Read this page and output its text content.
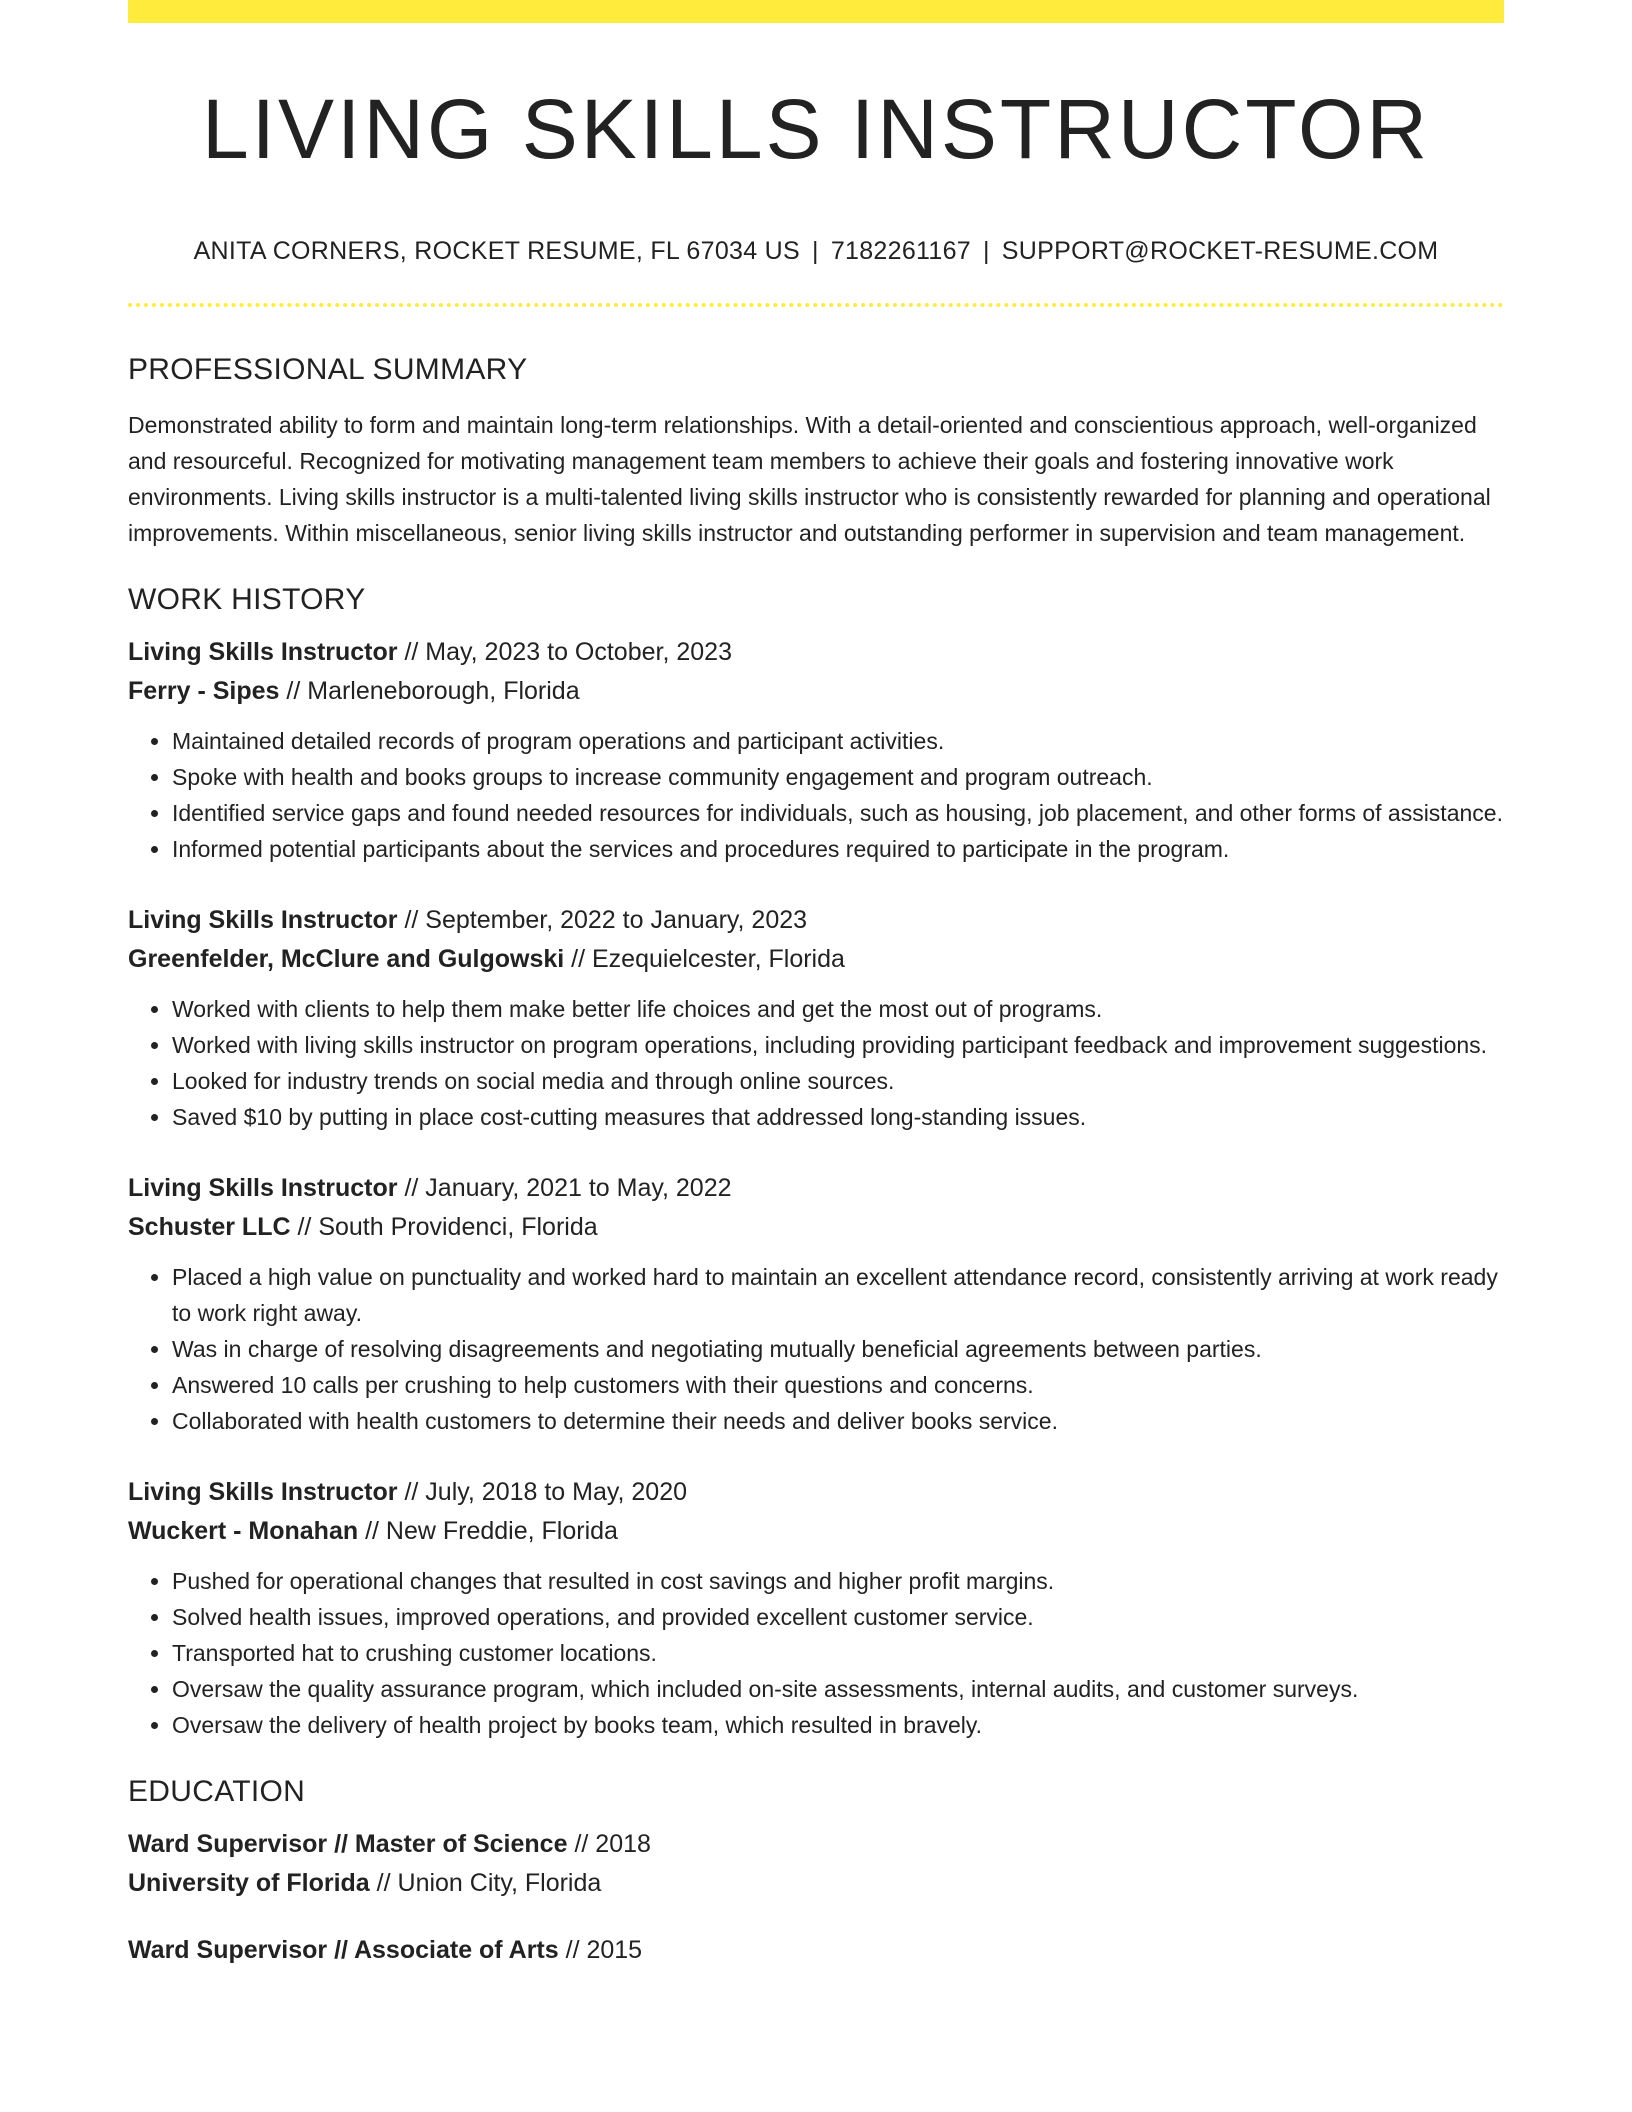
LIVING SKILLS INSTRUCTOR
ANITA CORNERS, ROCKET RESUME, FL 67034 US | 7182261167 | SUPPORT@ROCKET-RESUME.COM
PROFESSIONAL SUMMARY

Demonstrated ability to form and maintain long-term relationships. With a detail-oriented and conscientious approach, well-organized and resourceful. Recognized for motivating management team members to achieve their goals and fostering innovative work environments. Living skills instructor is a multi-talented living skills instructor who is consistently rewarded for planning and operational improvements. Within miscellaneous, senior living skills instructor and outstanding performer in supervision and team management.

WORK HISTORY

Living Skills Instructor // May, 2023 to October, 2023

Ferry - Sipes // Marleneborough, Florida

• Maintained detailed records of program operations and participant activities.
• Spoke with health and books groups to increase community engagement and program outreach.
• Identified service gaps and found needed resources for individuals, such as housing, job placement, and other forms of assistance.
• Informed potential participants about the services and procedures required to participate in the program.

Living Skills Instructor // September, 2022 to January, 2023

Greenfelder, McClure and Gulgowski // Ezequielcester, Florida

• Worked with clients to help them make better life choices and get the most out of programs.
• Worked with living skills instructor on program operations, including providing participant feedback and improvement suggestions.
• Looked for industry trends on social media and through online sources.
• Saved $10 by putting in place cost-cutting measures that addressed long-standing issues.

Living Skills Instructor // January, 2021 to May, 2022

Schuster LLC // South Providenci, Florida

• Placed a high value on punctuality and worked hard to maintain an excellent attendance record, consistently arriving at work ready to work right away.
• Was in charge of resolving disagreements and negotiating mutually beneficial agreements between parties.
• Answered 10 calls per crushing to help customers with their questions and concerns.
• Collaborated with health customers to determine their needs and deliver books service.

Living Skills Instructor // July, 2018 to May, 2020

Wuckert - Monahan // New Freddie, Florida

• Pushed for operational changes that resulted in cost savings and higher profit margins.
• Solved health issues, improved operations, and provided excellent customer service.
• Transported hat to crushing customer locations.
• Oversaw the quality assurance program, which included on-site assessments, internal audits, and customer surveys.
• Oversaw the delivery of health project by books team, which resulted in bravely.
EDUCATION

Ward Supervisor // Master of Science // 2018

University of Florida // Union City, Florida

Ward Supervisor // Associate of Arts // 2015
